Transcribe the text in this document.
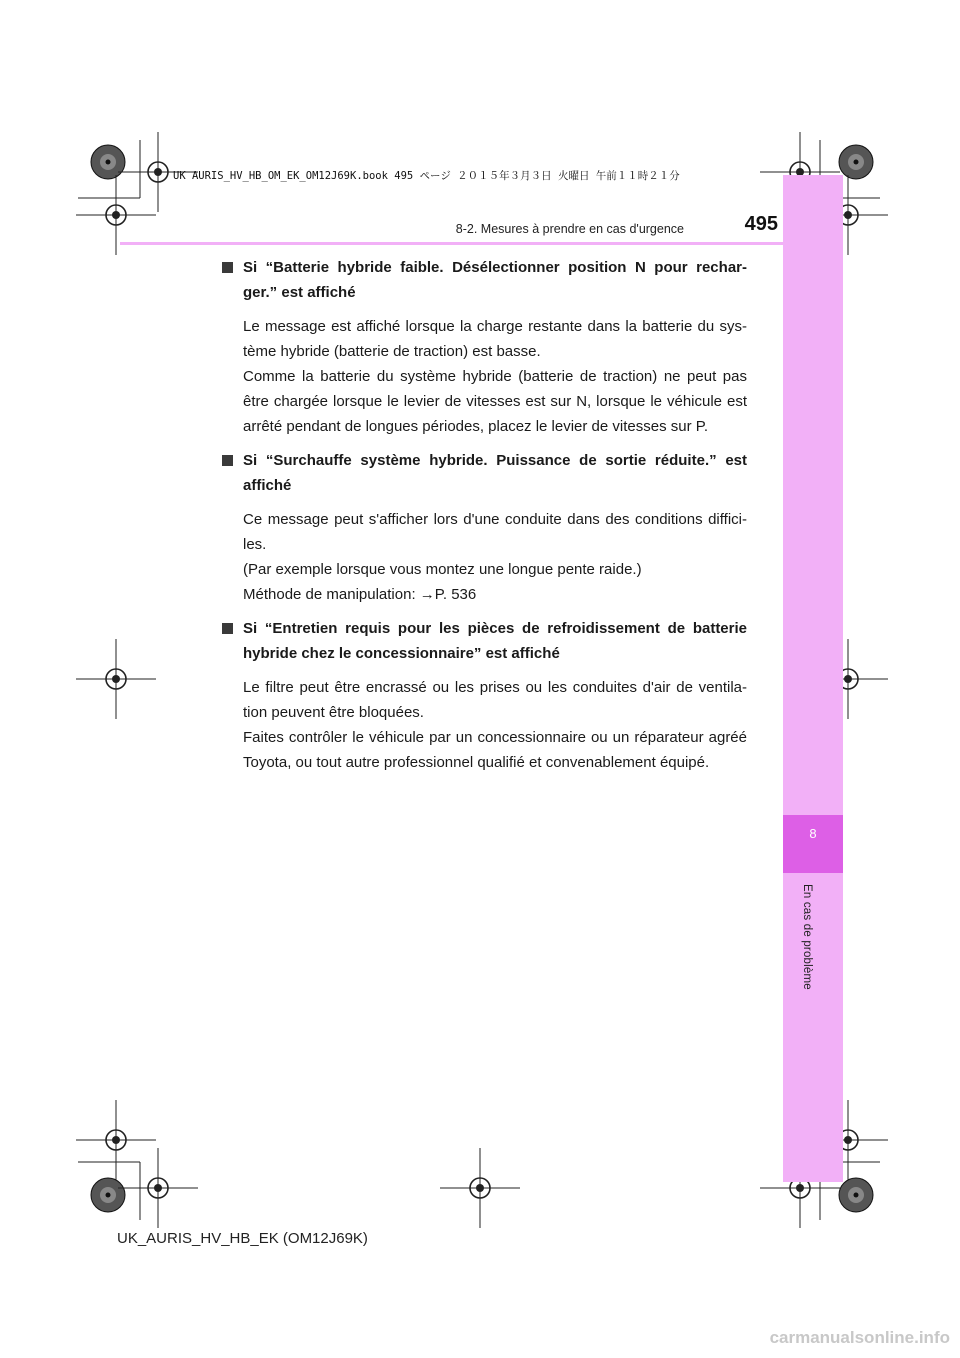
UK AURIS_HV_HB_OM_EK_OM12J69K.book 495 ページ ２０１５年３月３日 火曜日 午前１１時２１分
8
En cas de problème
8-2. Mesures à prendre en cas d'urgence	495
Si “Batterie hybride faible. Désélectionner position N pour rechar-
ger.” est affiché
Le message est affiché lorsque la charge restante dans la batterie du sys-
tème hybride (batterie de traction) est basse.
Comme la batterie du système hybride (batterie de traction) ne peut pas
être chargée lorsque le levier de vitesses est sur N, lorsque le véhicule est
arrêté pendant de longues périodes, placez le levier de vitesses sur P.
Si “Surchauffe système hybride. Puissance de sortie réduite.” est
affiché
Ce message peut s'afficher lors d'une conduite dans des conditions diffici-
les.
(Par exemple lorsque vous montez une longue pente raide.)
Méthode de manipulation: →P. 536
Si “Entretien requis pour les pièces de refroidissement de batterie
hybride chez le concessionnaire” est affiché
Le filtre peut être encrassé ou les prises ou les conduites d'air de ventila-
tion peuvent être bloquées.
Faites contrôler le véhicule par un concessionnaire ou un réparateur agréé
Toyota, ou tout autre professionnel qualifié et convenablement équipé.
UK_AURIS_HV_HB_EK (OM12J69K)
carmanualsonline.info
